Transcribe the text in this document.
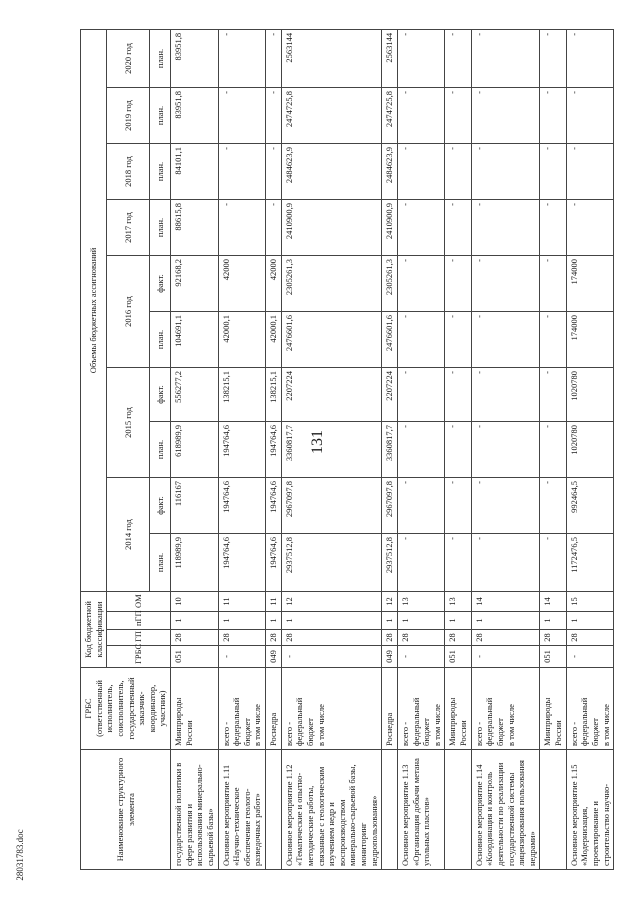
131
28031783.doc	Наименование структурного элемента	ГРБС (ответственный исполнитель, соисполнитель, государственный заказчик-координатор, участник)	Код бюджетной классификации				Объемы бюджетных ассигнований									
		ГРБС	ГП	пГП	ОМ	2014 год		2015 год		2016 год		2017 год	2018 год	2019 год	2020 год
						план.	факт.	план.	факт.	план.	факт.	план.	план.	план.	план.
государственной политики в сфере развития и использования минерально-сырьевой базы»	Минприроды России	051	28	1	10	118989,9	116167	618989,9	556277,2	104691,1	92168,2	88615,8	84101,1	83951,8	83951,8
Основное мероприятие 1.11
«Научно-техническое обеспечение геолого-разведочных работ»	всего -
федеральный бюджет
в том числе	-	28	1	11	194764,6	194764,6	194764,6	138215,1	42000,1	42000	-	-	-	-
	Роснедра	049	28	1	11	194764,6	194764,6	194764,6	138215,1	42000,1	42000	-	-	-	-
Основное мероприятие 1.12
«Тематические и опытно-методические работы, связанные с геологическим изучением недр и воспроизводством минерально-сырьевой базы, мониторинг недропользования»	всего -
федеральный бюджет
в том числе	-	28	1	12	2937512,8	2967097,8	3360817,7	2207224	2476601,6	2305261,3	2410900,9	2484623,9	2474725,8	2563144
	Роснедра	049	28	1	12	2937512,8	2967097,8	3360817,7	2207224	2476601,6	2305261,3	2410900,9	2484623,9	2474725,8	2563144
Основное мероприятие 1.13
«Организация добычи метана угольных пластов»	всего -
федеральный бюджет
в том числе	-	28	1	13	-	-	-	-	-	-	-	-	-	-
	Минприроды России	051	28	1	13	-	-	-	-	-	-	-	-	-	-
Основное мероприятие 1.14
«Координация и контроль деятельности по реализации государственной системы лицензирования пользования недрами»	всего -
федеральный бюджет
в том числе	-	28	1	14	-	-	-	-	-	-	-	-	-	-
	Минприроды России	051	28	1	14	-	-	-	-	-	-	-	-	-	-
Основное мероприятие 1.15
«Модернизация, проектирование и строительство научно-	всего -
федеральный бюджет
в том числе	-	28	1	15	1172476,5	992464,5	1020780	1020780	174000	174000	-	-	-	-
